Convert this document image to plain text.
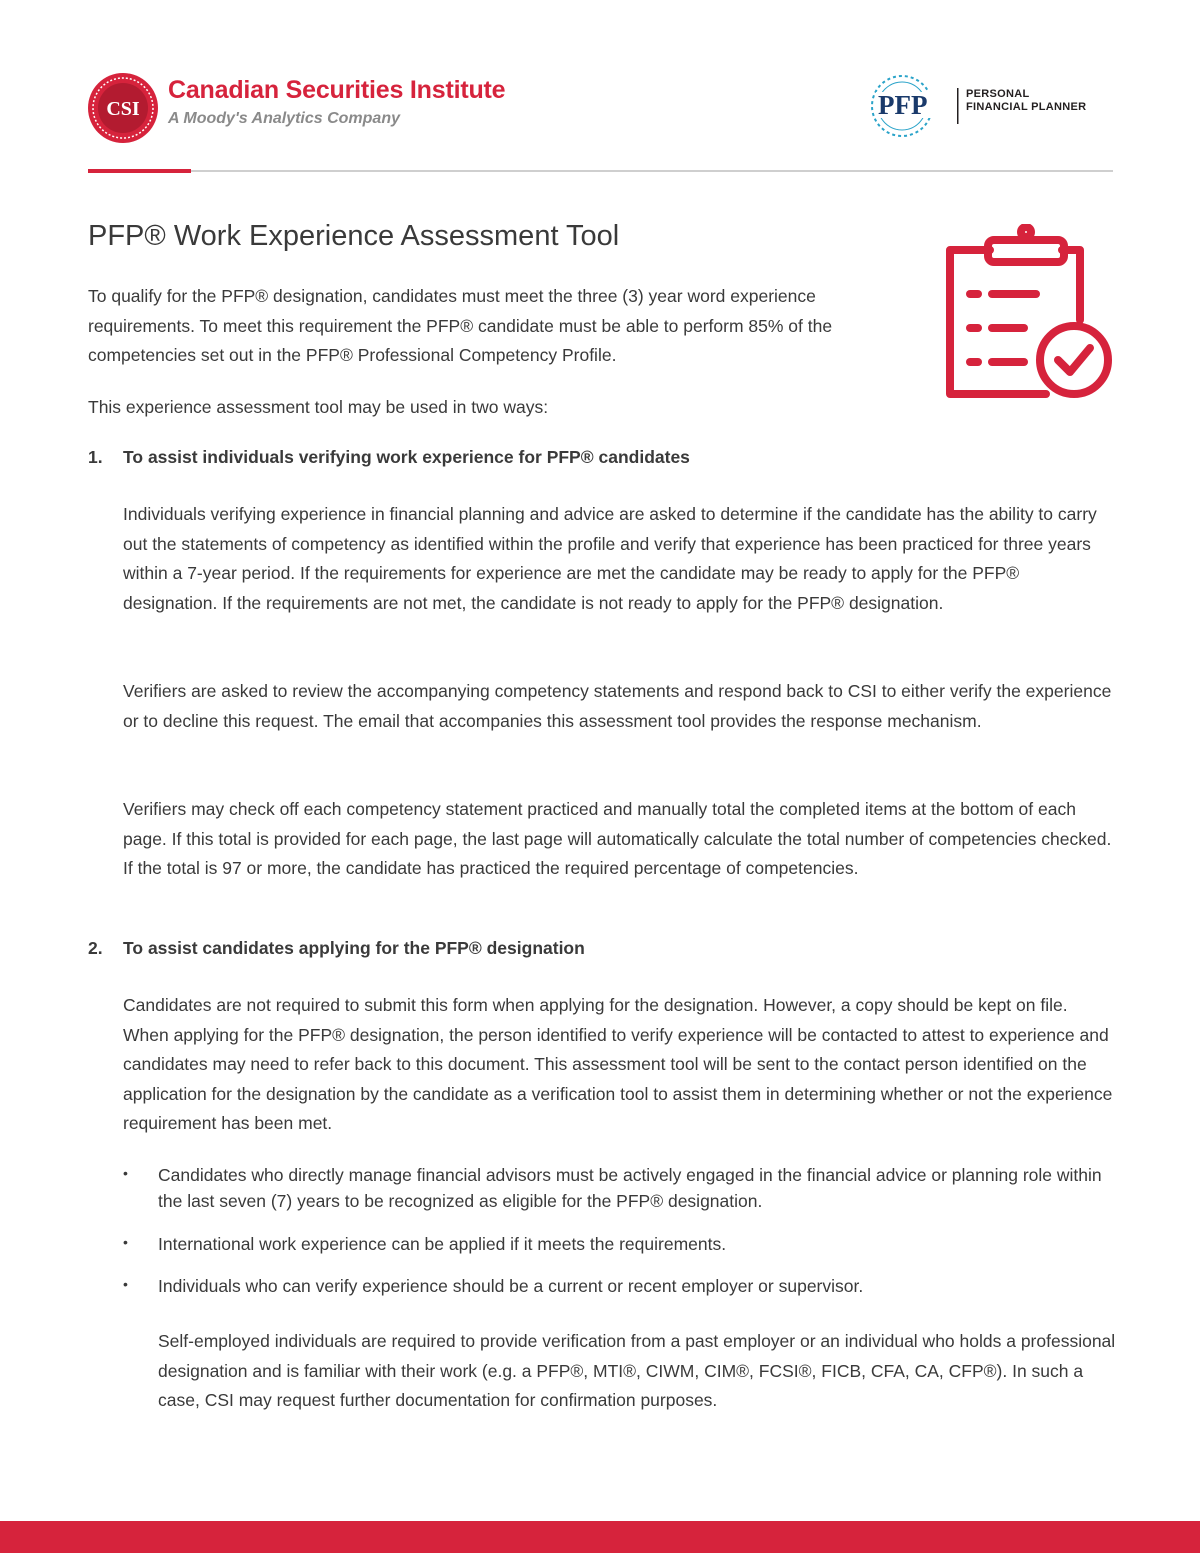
CSI
Canadian Securities Institute
A Moody's Analytics Company	PFP	PERSONAL
FINANCIAL PLANNER
PFP® Work Experience Assessment Tool
To qualify for the PFP® designation, candidates must meet the three (3) year word experience requirements. To meet this requirement the PFP® candidate must be able to perform 85% of the competencies set out in the PFP® Professional Competency Profile.
This experience assessment tool may be used in two ways:
1. To assist individuals verifying work experience for PFP® candidates
Individuals verifying experience in financial planning and advice are asked to determine if the candidate has the ability to carry out the statements of competency as identified within the profile and verify that experience has been practiced for three years within a 7-year period. If the requirements for experience are met the candidate may be ready to apply for the PFP® designation. If the requirements are not met, the candidate is not ready to apply for the PFP® designation.
Verifiers are asked to review the accompanying competency statements and respond back to CSI to either verify the experience or to decline this request. The email that accompanies this assessment tool provides the response mechanism.
Verifiers may check off each competency statement practiced and manually total the completed items at the bottom of each page. If this total is provided for each page, the last page will automatically calculate the total number of competencies checked. If the total is 97 or more, the candidate has practiced the required percentage of competencies.
2. To assist candidates applying for the PFP® designation
Candidates are not required to submit this form when applying for the designation. However, a copy should be kept on file. When applying for the PFP® designation, the person identified to verify experience will be contacted to attest to experience and candidates may need to refer back to this document. This assessment tool will be sent to the contact person identified on the application for the designation by the candidate as a verification tool to assist them in determining whether or not the experience requirement has been met.
• Candidates who directly manage financial advisors must be actively engaged in the financial advice or planning role within the last seven (7) years to be recognized as eligible for the PFP® designation.
• International work experience can be applied if it meets the requirements.
• Individuals who can verify experience should be a current or recent employer or supervisor.
Self-employed individuals are required to provide verification from a past employer or an individual who holds a professional designation and is familiar with their work (e.g. a PFP®, MTI®, CIWM, CIM®, FCSI®, FICB, CFA, CA, CFP®). In such a case, CSI may request further documentation for confirmation purposes.
